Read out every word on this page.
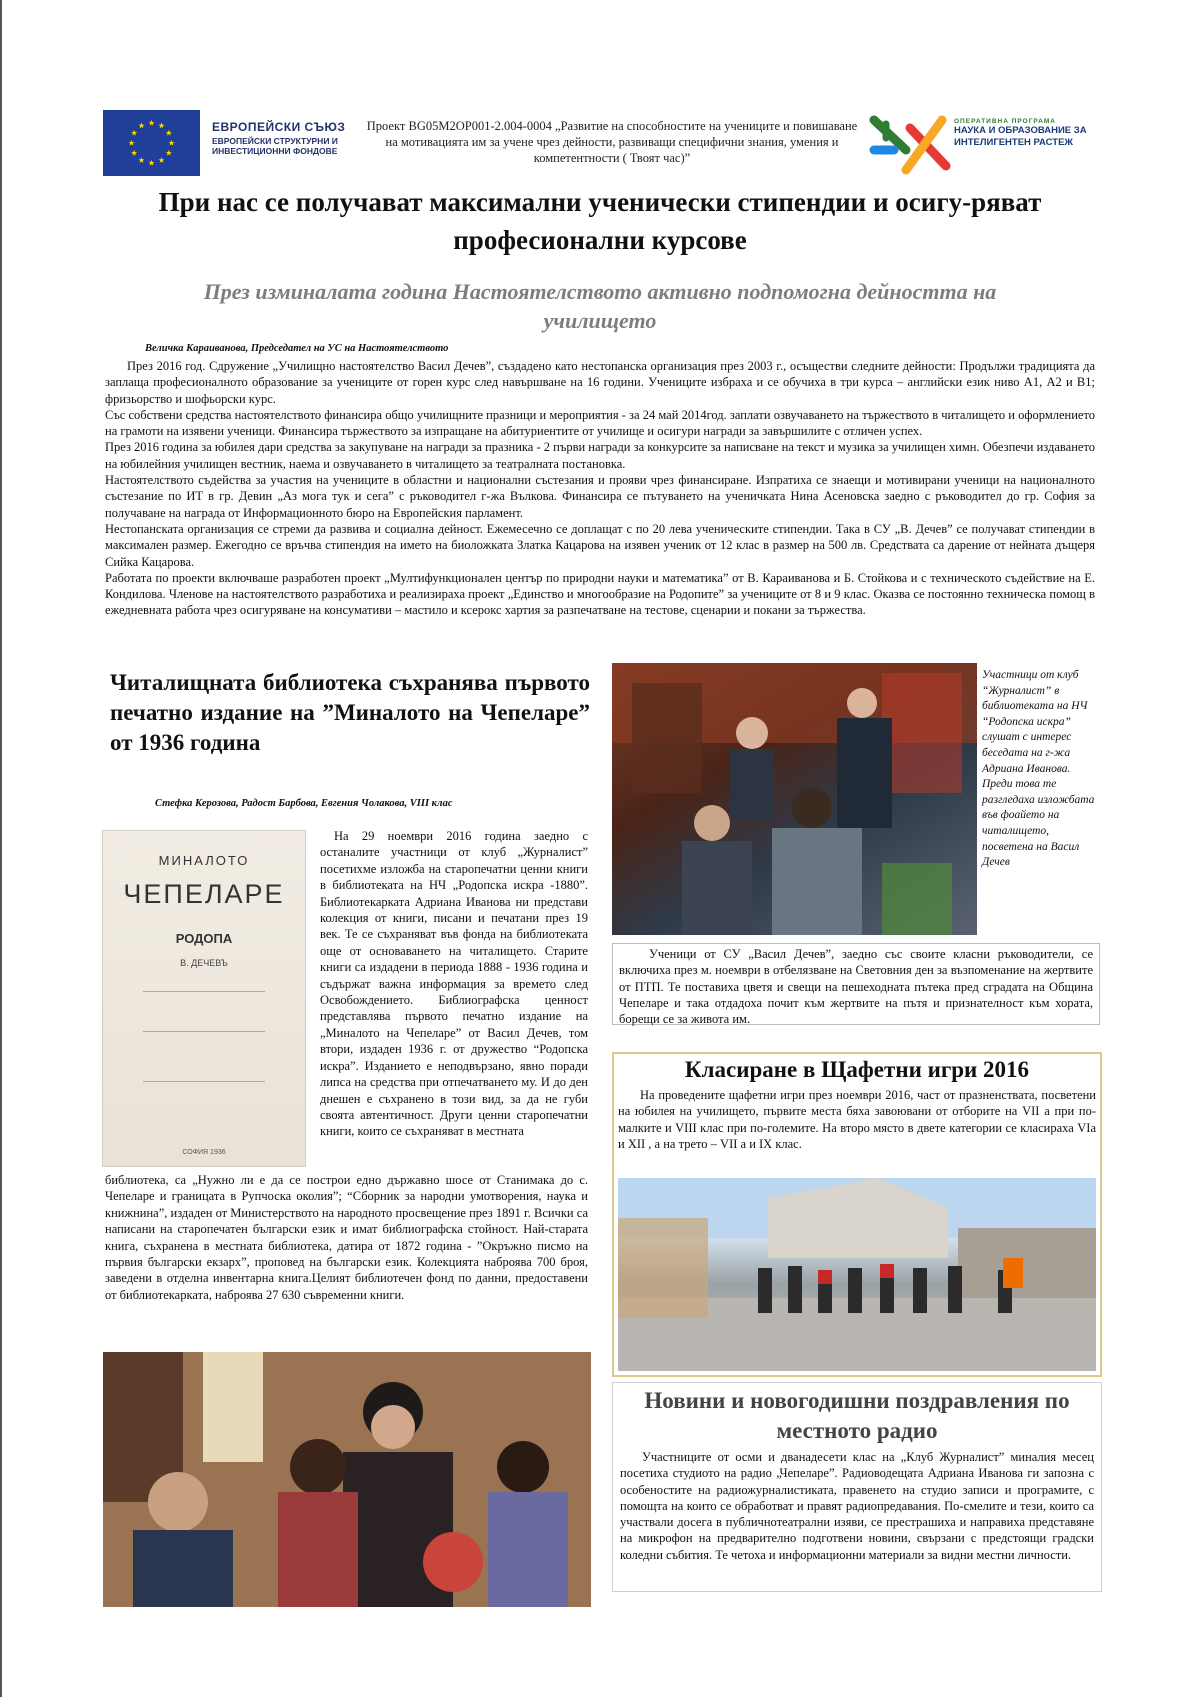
ЕВРОПЕЙСКИ СЪЮЗ
ЕВРОПЕЙСКИ СТРУКТУРНИ И ИНВЕСТИЦИОННИ ФОНДОВЕ
Проект BG05M2OP001-2.004-0004 „Развитие на способностите на учениците и повишаване на мотивацията им за учене чрез дейности, развиващи специфични знания, умения и компетентности ( Твоят час)”
ОПЕРАТИВНА ПРОГРАМА
НАУКА И ОБРАЗОВАНИЕ ЗА ИНТЕЛИГЕНТЕН РАСТЕЖ
При нас се получават максимални ученически стипендии и осигу-ряват професионални курсове
През изминалата година Настоятелството активно подпомогна дейността на училището
Величка Караиванова, Председател на УС на Настоятелството

През 2016 год. Сдружение „Училищно настоятелство Васил Дечев”, създадено като нестопанска организация през 2003 г., осъществи следните дейности: Продължи традицията да заплаща професионалното образование за учениците от горен курс след навършване на 16 години. Учениците избраха и се обучиха в три курса – английски език ниво А1, А2 и В1; фризьорство и шофьорски курс.

Със собствени средства настоятелството финансира общо училищните празници и мероприятия - за 24 май 2014год. заплати озвучаването на тържеството в читалището и оформлението на грамоти на изявени ученици. Финансира тържеството за изпращане на абитуриентите от училище и осигури награди за завършилите с отличен успех.

През 2016 година за юбилея дари средства за закупуване на награди за празника - 2 първи награди за конкурсите за написване на текст и музика за училищен химн. Обезпечи издаването на юбилейния училищен вестник, наема и озвучаването в читалището за театралната постановка.

Настоятелството съдейства за участия на учениците в областни и национални състезания и прояви чрез финансиране. Изпратиха се знаещи и мотивирани ученици на националното състезание по ИТ в гр. Девин „Аз мога тук и сега” с ръководител г-жа Вълкова. Финансира се пътуването на ученичката Нина Асеновска заедно с ръководител до гр. София за получаване на награда от Информационното бюро на Европейския парламент.

Нестопанската организация се стреми да развива и социална дейност. Ежемесечно се доплащат с по 20 лева ученическите стипендии. Така в СУ „В. Дечев” се получават стипендии в максимален размер. Ежегодно се връчва стипендия на името на биоложката Златка Кацарова на изявен ученик от 12 клас в размер на 500 лв. Средствата са дарение от нейната дъщеря Сийка Кацарова.

Работата по проекти включваше разработен проект „Мултифункционален център по природни науки и математика” от В. Караиванова и Б. Стойкова и с техническото съдействие на Е. Кондилова. Членове на настоятелството разработиха и реализираха проект „Единство и многообразие на Родопите” за учениците от 8 и 9 клас. Оказва се постоянно техническа помощ в ежедневната работа чрез осигуряване на консумативи – мастило и ксерокс хартия за разпечатване на тестове, сценарии и покани за тържества.

Читалищната библиотека съхранява първото печатно издание на ”Миналото на Чепеларе” от 1936 година
Стефка Керозова, Радост Барбова, Евгения Чолакова, VIII клас
МИНАЛОТО
ЧЕПЕЛАРЕ
РОДОПА
В. ДЕЧЕВЪ
СОФИЯ 1936
На 29 ноември 2016 година заедно с останалите участници от клуб „Журналист” посетихме изложба на старопечатни ценни книги в библиотеката на НЧ „Родопска искра -1880”. Библиотекарката Адриана Иванова ни представи колекция от книги, писани и печатани през 19 век. Те се съхраняват във фонда на библиотеката още от основаването на читалището. Старите книги са издадени в периода 1888 - 1936 година и съдържат важна информация за времето след Освобождението. Библиографска ценност представлява първото печатно издание на „Миналото на Чепеларе” от Васил Дечев, том втори, издаден 1936 г. от дружество “Родопска искра”. Изданието е неподвързано, явно поради липса на средства при отпечатването му. И до ден днешен е съхранено в този вид, за да не губи своята автентичност. Други ценни старопечатни книги, които се съхраняват в местната
библиотека, са „Нужно ли е да се построи едно държавно шосе от Станимака до с. Чепеларе и границата в Рупчоска околия”; “Сборник за народни умотворения, наука и книжнина”, издаден от Министерството на народното просвещение през 1891 г. Всички са написани на старопечатен български език и имат библиографска стойност. Най-старата книга, съхранена в местната библиотека, датира от 1872 година - ”Окръжно писмо на първия български екзарх”, проповед на български език. Колекцията наброява 700 броя, заведени в отделна инвентарна книга.Целият библиотечен фонд по данни, предоставени от библиотекарката, наброява 27 630 съвременни книги.
Участници от клуб “Журналист” в библиотеката на НЧ “Родопска искра” слушат с интерес беседата на г-жа Адриана Иванова. Преди това те разгледаха изложбата във фоайето на читалището, посветена на Васил Дечев
Ученици от СУ „Васил Дечев”, заедно със своите класни ръководители, се включиха през м. ноември в отбелязване на Световния ден за възпоменание на жертвите от ПТП. Те поставиха цветя и свещи на пешеходната пътека пред сградата на Община Чепеларе и така отдадоха почит към жертвите на пътя и признателност към хората, борещи се за живота им.
Класиране в Щафетни игри 2016
На проведените щафетни игри през ноември 2016, част от празненствата, посветени на юбилея на училището, първите места бяха завоювани от отборите на VII а при по-малките и VIII клас при по-големите. На второ място в двете категории се класираха VIа и XII , а на трето – VII а и IX клас.
Новини и новогодишни поздравления по местното радио
Участниците от осми и дванадесети клас на „Клуб Журналист” миналия месец посетиха студиото на радио „Чепеларе”. Радиоводещата Адриана Иванова ги запозна с особеностите на радиожурналистиката, правенето на студио записи и програмите, с помощта на които се обработват и правят радиопредавания. По-смелите и тези, които са участвали досега в публичнотеатрални изяви, се престрашиха и направиха представяне на микрофон на предварително подготвени новини, свързани с предстоящи градски коледни събития. Те четоха и информационни материали за видни местни личности.
